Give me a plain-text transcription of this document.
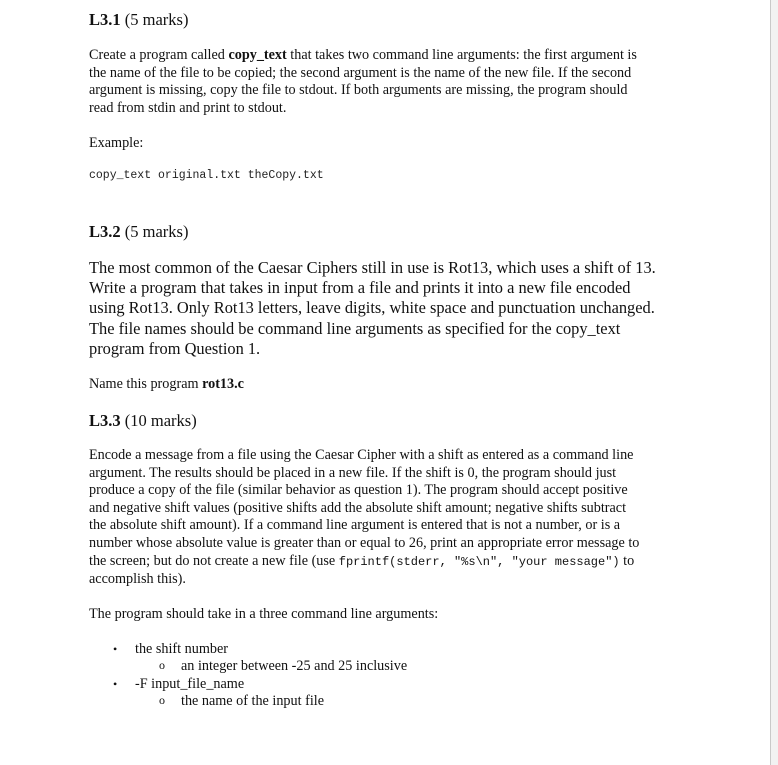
L3.1 (5 marks)
Create a program called copy_text that takes two command line arguments: the first argument is
the name of the file to be copied; the second argument is the name of the new file. If the second
argument is missing, copy the file to stdout. If both arguments are missing, the program should
read from stdin and print to stdout.
Example:
copy_text original.txt theCopy.txt
L3.2 (5 marks)
The most common of the Caesar Ciphers still in use is Rot13, which uses a shift of 13.
Write a program that takes in input from a file and prints it into a new file encoded
using Rot13. Only Rot13 letters, leave digits, white space and punctuation unchanged.
The file names should be command line arguments as specified for the copy_text
program from Question 1.
Name this program rot13.c
L3.3 (10 marks)
Encode a message from a file using the Caesar Cipher with a shift as entered as a command line
argument. The results should be placed in a new file. If the shift is 0, the program should just
produce a copy of the file (similar behavior as question 1). The program should accept positive
and negative shift values (positive shifts add the absolute shift amount; negative shifts subtract
the absolute shift amount). If a command line argument is entered that is not a number, or is a
number whose absolute value is greater than or equal to 26, print an appropriate error message to
the screen; but do not create a new file (use fprintf(stderr, "%s\n", "your message") to
accomplish this).
The program should take in a three command line arguments:
• the shift number
o an integer between -25 and 25 inclusive
• -F input_file_name
o the name of the input file
